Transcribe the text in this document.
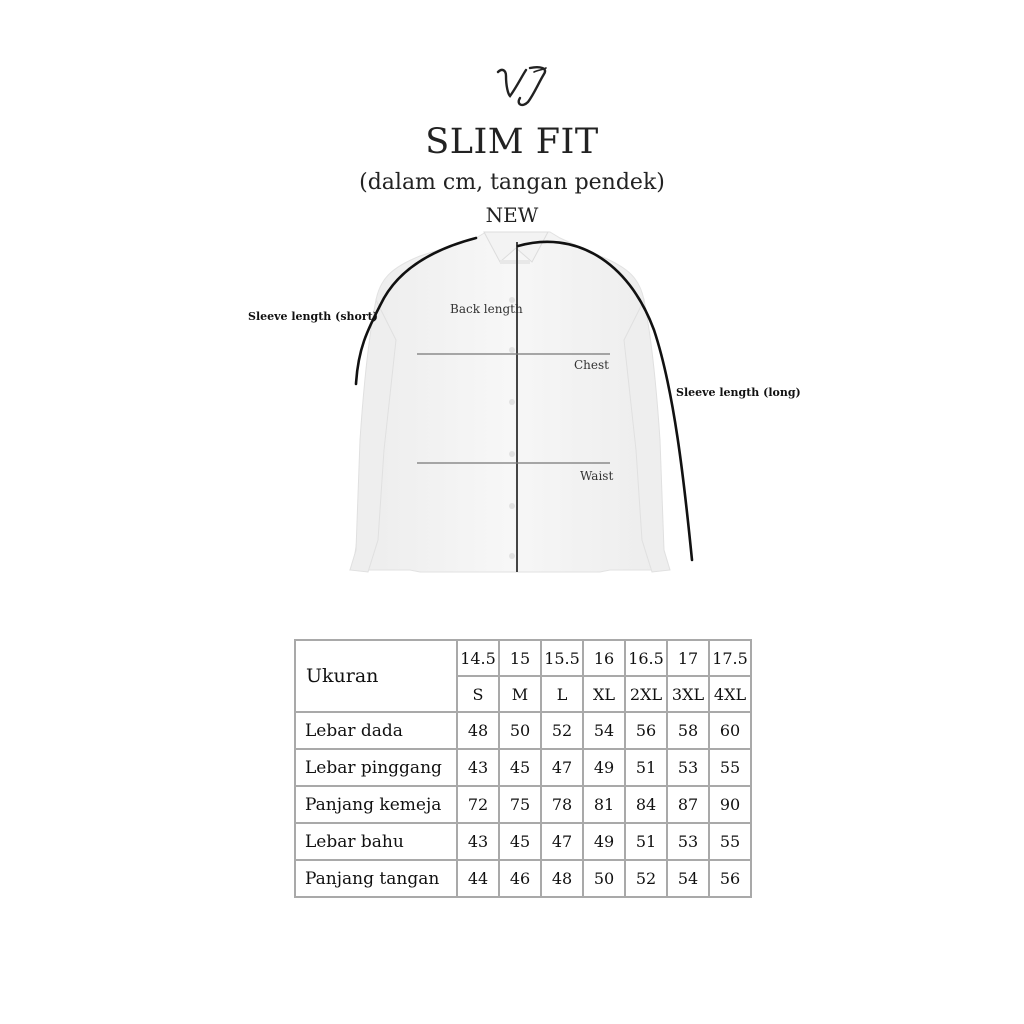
SLIM FIT
(dalam cm, tangan pendek)
NEW
Sleeve length (short)
Sleeve length (long)
Back length
Chest
Waist
Ukuran	14.5	15	15.5	16	16.5	17	17.5
	S	M	L	XL	2XL	3XL	4XL
Lebar dada	48	50	52	54	56	58	60
Lebar pinggang	43	45	47	49	51	53	55
Panjang kemeja	72	75	78	81	84	87	90
Lebar bahu	43	45	47	49	51	53	55
Panjang tangan	44	46	48	50	52	54	56
